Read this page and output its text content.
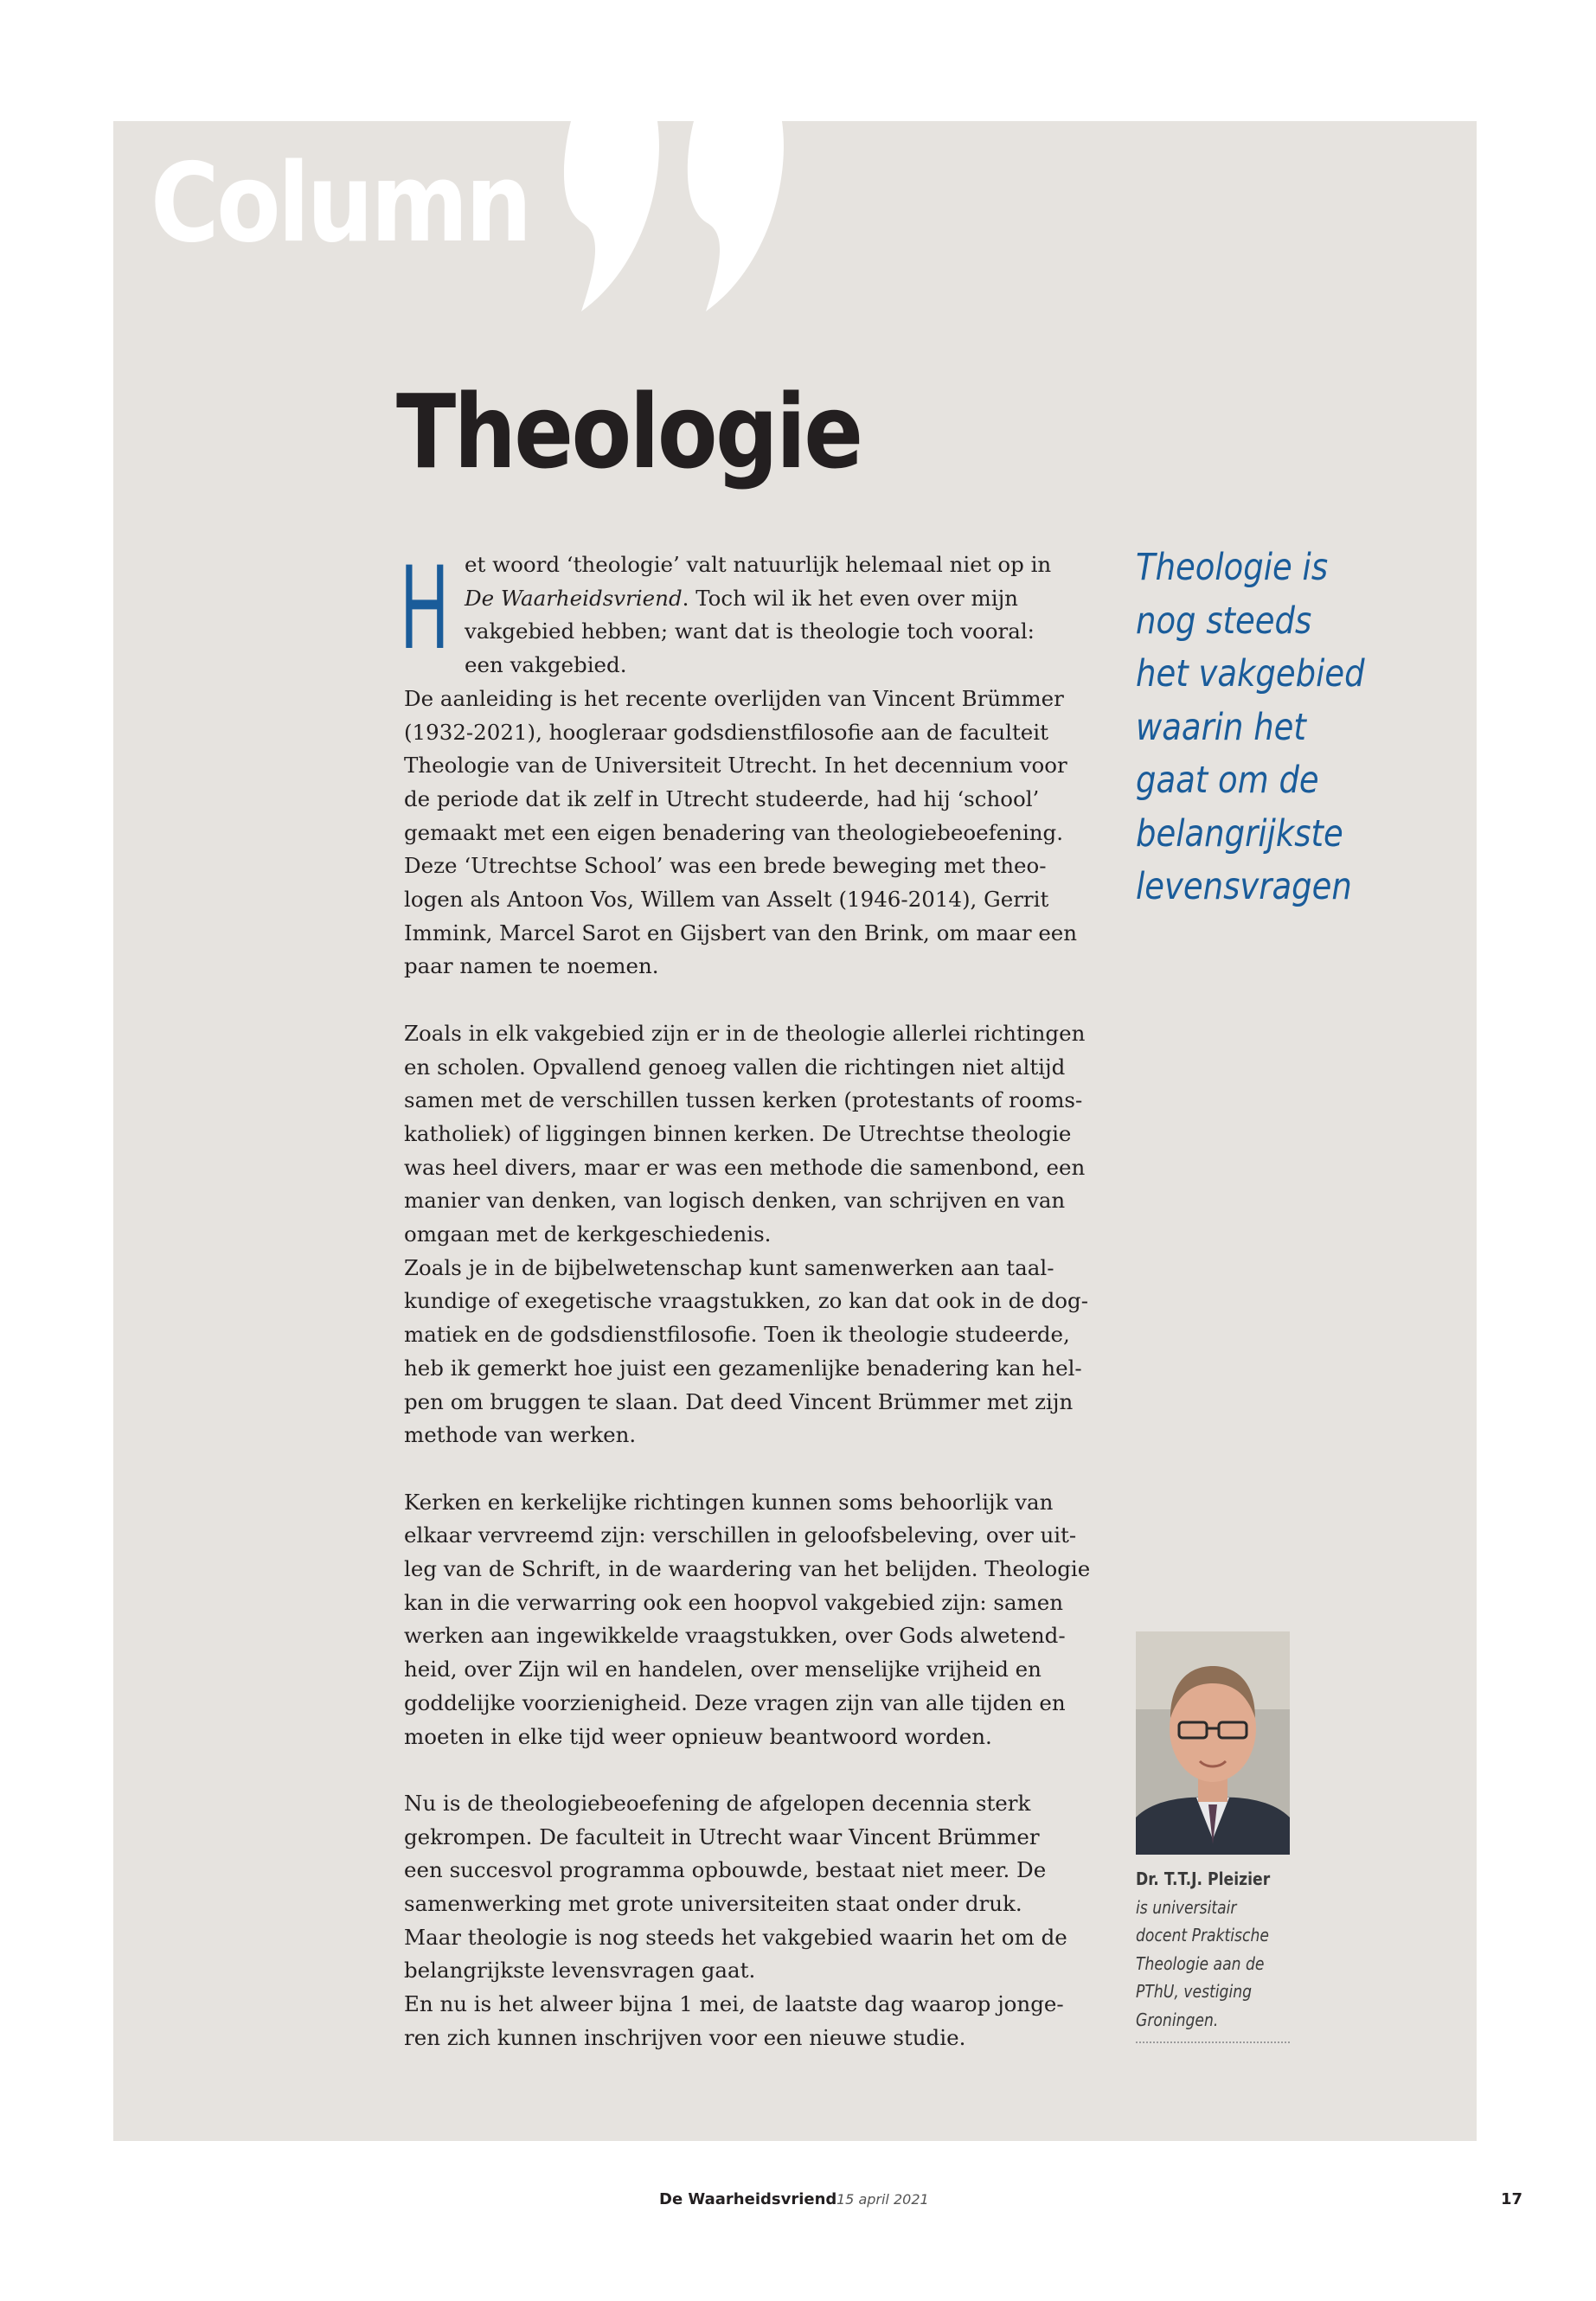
Column
Theologie
H et woord ‘theologie’ valt natuurlijk helemaal niet op in

De Waarheidsvriend. Toch wil ik het even over mijn

vakgebied hebben; want dat is theologie toch vooral:

een vakgebied.

De aanleiding is het recente overlijden van Vincent Brümmer

(1932-2021), hoogleraar godsdienstfilosofie aan de faculteit

Theologie van de Universiteit Utrecht. In het decennium voor

de periode dat ik zelf in Utrecht studeerde, had hij ‘school’

gemaakt met een eigen benadering van theologiebeoefening.

Deze ‘Utrechtse School’ was een brede beweging met theo-

logen als Antoon Vos, Willem van Asselt (1946-2014), Gerrit

Immink, Marcel Sarot en Gijsbert van den Brink, om maar een

paar namen te noemen.

Zoals in elk vakgebied zijn er in de theologie allerlei richtingen

en scholen. Opvallend genoeg vallen die richtingen niet altijd

samen met de verschillen tussen kerken (protestants of rooms-

katholiek) of liggingen binnen kerken. De Utrechtse theologie

was heel divers, maar er was een methode die samenbond, een

manier van denken, van logisch denken, van schrijven en van

omgaan met de kerkgeschiedenis.

Zoals je in de bijbelwetenschap kunt samenwerken aan taal-

kundige of exegetische vraagstukken, zo kan dat ook in de dog-

matiek en de godsdienstfilosofie. Toen ik theologie studeerde,

heb ik gemerkt hoe juist een gezamenlijke benadering kan hel-

pen om bruggen te slaan. Dat deed Vincent Brümmer met zijn

methode van werken.

Kerken en kerkelijke richtingen kunnen soms behoorlijk van

elkaar vervreemd zijn: verschillen in geloofsbeleving, over uit-

leg van de Schrift, in de waardering van het belijden. Theologie

kan in die verwarring ook een hoopvol vakgebied zijn: samen

werken aan ingewikkelde vraagstukken, over Gods alwetend-

heid, over Zijn wil en handelen, over menselijke vrijheid en

goddelijke voorzienigheid. Deze vragen zijn van alle tijden en

moeten in elke tijd weer opnieuw beantwoord worden.

Nu is de theologiebeoefening de afgelopen decennia sterk

gekrompen. De faculteit in Utrecht waar Vincent Brümmer

een succesvol programma opbouwde, bestaat niet meer. De

samenwerking met grote universiteiten staat onder druk.

Maar theologie is nog steeds het vakgebied waarin het om de

belangrijkste levensvragen gaat.

En nu is het alweer bijna 1 mei, de laatste dag waarop jonge-

ren zich kunnen inschrijven voor een nieuwe studie.

Theologie is

nog steeds

het vakgebied

waarin het

gaat om de

belangrijkste

levensvragen

Dr. T.T.J. Pleizier

is universitair

docent Praktische

Theologie aan de

PThU, vestiging

Groningen.

De Waarheidsvriend 15 april 2021	17
